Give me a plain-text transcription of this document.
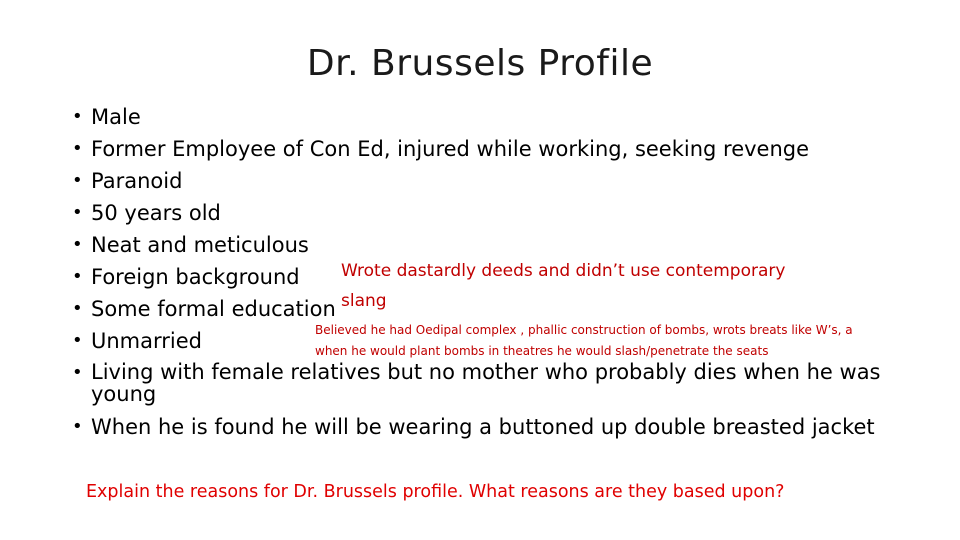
Dr. Brussels Profile
• Male
• Former Employee of Con Ed, injured while working, seeking revenge
• Paranoid
• 50 years old
• Neat and meticulous
• Foreign background
• Some formal education
• Unmarried
• Living with female relatives but no mother who probably dies when he was young
• When he is found he will be wearing a buttoned up double breasted jacket
Wrote dastardly deeds and didn’t use contemporary
slang
Believed he had Oedipal complex , phallic construction of bombs, wrots breats like W’s, a
when he would plant bombs in theatres he would slash/penetrate the seats
Explain the reasons for Dr. Brussels profile. What reasons are they based upon?
